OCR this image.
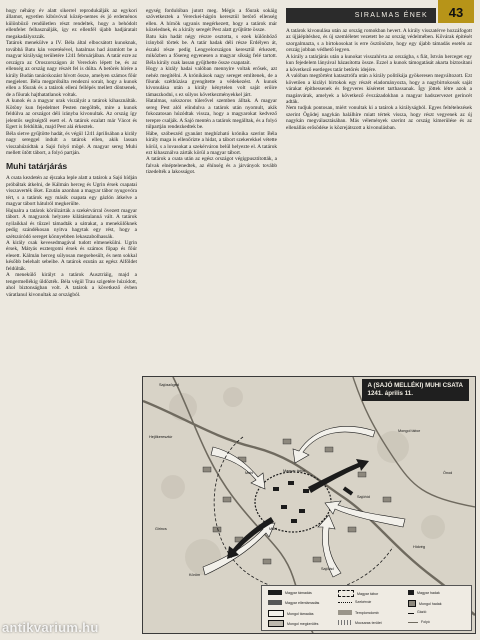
hogy néhány év alatt sikerrel reprodukálják az egykori államot, egyetlen kibúvóval közép-nemes és jó erdeménos különböző rendületlen részt rendeltek, hogy a behódolt ellenfelet felhasználják, így ez ellenfél újabb hadjáratait megakadályozzák.

Tatárok menekülve a IV. Béla által elbocsátott kunoknak, továbbá Batu kán vezetésével, hatalmas had áramlott be a magyar királyság területére 1241 februárjában. A tatár ezre az országra az Oroszországon át Vereckén lépett be, és az ellenség az ország nagy részét fel is dúlta. A betörés hírére a király Budán tanácskozást hívott össze, amelyen számos főúr megjelent. Béla megpróbálta rendezni sorait, hogy a kunok ellen a főurak és a tatárok elleni fellépés mellett döntsenek, de a főurak hajthatatlanok voltak.

A kunok és a magyar urak viszályát a tatárok kihasználták. Kötöny kun fejedelmet Pesten megölték, mire a kunok feldúlva az országot déli irányba kivonultak. Az ország így jelentős segítségtől esett el. A tatárok ezalatt már Vácot és Egert is feldúlták, majd Pest alá érkeztek.

Béla sietve gyűjtötte hadát, és végül 1241 áprilisában a király nagy sereggel indult a tatárok ellen, akik lassan visszahúzódtak a Sajó folyó mögé. A magyar sereg Muhi mellett ütött tábort, a folyó partján.

Muhi tatárjárás

A csata kezdetén az éjszaka leple alatt a tatárok a Sajó hídján próbáltak átkelni, de Kálmán herceg és Ugrin érsek csapatai visszaverték őket. Ezután azonban a magyar tábor nyugovóra tért, s a tatárok egy másik csapata egy gázlón átkelve a magyar tábort hátulról megkerülte.

Hajnalra a tatárok körülzárták a szekérvárral övezett magyar tábort. A magyarok helyzete kilátástalanná vált. A tatárok nyilaikkal és tűzzel támadták a sátrakat, a menekülőknek pedig szándékosan nyitva hagytak egy rést, hogy a szétszóródó sereget könnyebben lekaszabolhassák.

A király csak kevesedmagával tudott elmenekülni. Ugrin érsek, Mátyás esztergomi érsek és számos főpap és főúr elesett. Kálmán herceg súlyosan megsebesült, és nem sokkal később belehalt sebeibe. A tatárok ezután az egész Alföldet feldúlták.

A menekülő királyt a tatárok Ausztriáig, majd a tengermellékig üldözték. Béla végül Trau szigetére húzódott, ahol biztonságban volt. A tatárok a következő évben váratlanul kivonultak az országból.

egység fordulóban jutott meg. Mégis a főurak sokáig szövetkeztek a Vereckei-hágón keresztül betörő ellenség ellen. A hírnök ugyanis megérkezett, hogy a tatárok már közelednek, és a király seregét Pest alatt gyűjtötte össze.

Batu kán hadát négy részre osztotta, s ezek különböző irányból törtek be. A tatár hadak déli része Erdélyen át, északi része pedig Lengyelországon keresztül érkezett, miközben a fősereg egyenesen a magyar síkság felé tartott. Béla király csak lassan gyűjthette össze csapatait.

Hogy a király hadai valóban mennyire voltak erősek, azt nehéz megítélni. A krónikások nagy sereget említenek, de a főurak széthúzása gyengítette a védekezést. A kunok kivonulása után a király kénytelen volt saját erőire támaszkodni, s ez súlyos következményekkel járt.

Hatalmas, sokszoros túlerővel szemben álltak. A magyar sereg Pest alól elindulva a tatárok után nyomult, akik fokozatosan húzódtak vissza, hogy a magyarokat kedvező terepre csalják. A Sajó mentén a tatárok megálltak, és a folyó túlpartján rendezkedtek be.

Hábe, szóbeszéd gyanánt megbízható krónika szerint Béla király maga is ellenőrizte a hidat, a tábort szekerekkel vétette körül, s a lovasokat a szekérváron belül helyezte el. A tatárok ezt kihasználva zárták körül a magyar tábort.

A tatárok a csata után az egész országot végigpusztították, a falvak elnéptelenedtek, az éhínség és a járványok tovább tizedelték a lakosságot.

SIRALMAS ÉNEK	43

A tatárok kivonulása után az ország romokban hevert. A király visszatérve hozzáfogott az újjáépítéshez, és új szemléletet vezetett be az ország védelmében. Kővárak építését szorgalmazta, s a birtokosokat is erre ösztönözte, hogy egy újabb támadás esetén az ország jobban védhető legyen.

A király a tatárjárás után a kunokat visszahívta az országba, s fiát, István herceget egy kun fejedelem lányával házasította össze. Ezzel a kunok támogatását akarta biztosítani a következő esetleges tatár betörés idejére.

A valóban megtörtént katasztrófa után a király politikája gyökeresen megváltozott. Ezt követően a királyi birtokok egy részét eladományozta, hogy a nagybirtokosok saját várakat építhessenek és fegyveres kíséretet tarthassanak. Így jöttek létre azok a magánvárak, amelyek a következő évszázadokban a magyar hadszervezet gerincét adták.

Nem tudjuk pontosan, miért vonultak ki a tatárok a királyságból. Egyes feltételezések szerint Ögödej nagykán halálhíre miatt tértek vissza, hogy részt vegyenek az új nagykán megválasztásában. Más vélemények szerint az ország kimerülése és az ellenállás erősödése is közrejátszott a kivonulásban.

A (SAJÓ MELLÉKI) MUHI CSATA
1241. április 11.
Sajószöged
Hejőkeresztúr
Mohi
Muhi
Mongol tábor
Magyar tábor
Sajóhíd
Hídvég
Sajólád
Ónod
Köröm
Girincs
Magyar támadás
Magyar ellentámadás
Mongol támadás
Mongol megkerülés
Magyar tábor
Szekérvár
Templomdomb
Mocsaras terület
Magyar hadak
Mongol hadak
Gázló
Folyó
antikvarium.hu
